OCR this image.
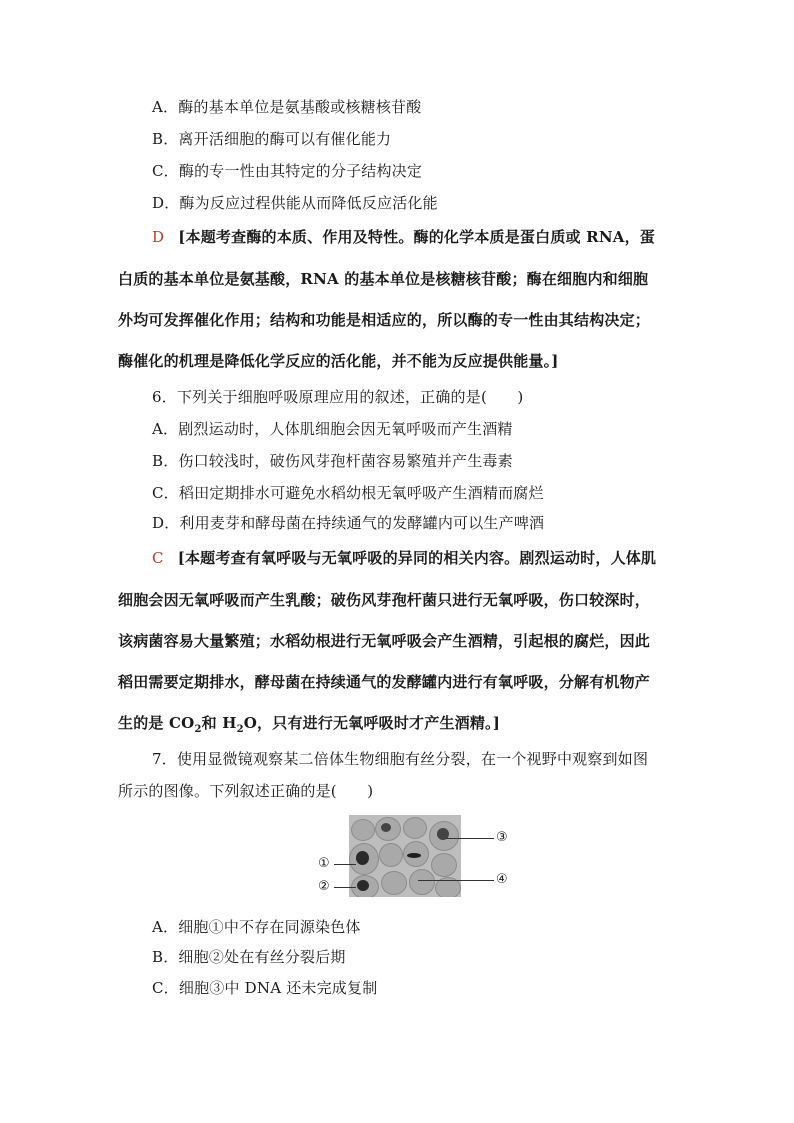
A．酶的基本单位是氨基酸或核糖核苷酸
B．离开活细胞的酶可以有催化能力
C．酶的专一性由其特定的分子结构决定
D．酶为反应过程供能从而降低反应活化能
D [本题考查酶的本质、作用及特性。酶的化学本质是蛋白质或 RNA，蛋
白质的基本单位是氨基酸，RNA 的基本单位是核糖核苷酸；酶在细胞内和细胞
外均可发挥催化作用；结构和功能是相适应的，所以酶的专一性由其结构决定；
酶催化的机理是降低化学反应的活化能，并不能为反应提供能量。]
6．下列关于细胞呼吸原理应用的叙述，正确的是(　　)
A．剧烈运动时，人体肌细胞会因无氧呼吸而产生酒精
B．伤口较浅时，破伤风芽孢杆菌容易繁殖并产生毒素
C．稻田定期排水可避免水稻幼根无氧呼吸产生酒精而腐烂
D．利用麦芽和酵母菌在持续通气的发酵罐内可以生产啤酒
C [本题考查有氧呼吸与无氧呼吸的异同的相关内容。剧烈运动时，人体肌
细胞会因无氧呼吸而产生乳酸；破伤风芽孢杆菌只进行无氧呼吸，伤口较深时，
该病菌容易大量繁殖；水稻幼根进行无氧呼吸会产生酒精，引起根的腐烂，因此
稻田需要定期排水，酵母菌在持续通气的发酵罐内进行有氧呼吸，分解有机物产
生的是 $CO_2$和 $H_2O$，只有进行无氧呼吸时才产生酒精。]
7．使用显微镜观察某二倍体生物细胞有丝分裂，在一个视野中观察到如图
所示的图像。下列叙述正确的是(　　)
①
②
③
④
A．细胞①中不存在同源染色体
B．细胞②处在有丝分裂后期
C．细胞③中 DNA 还未完成复制
